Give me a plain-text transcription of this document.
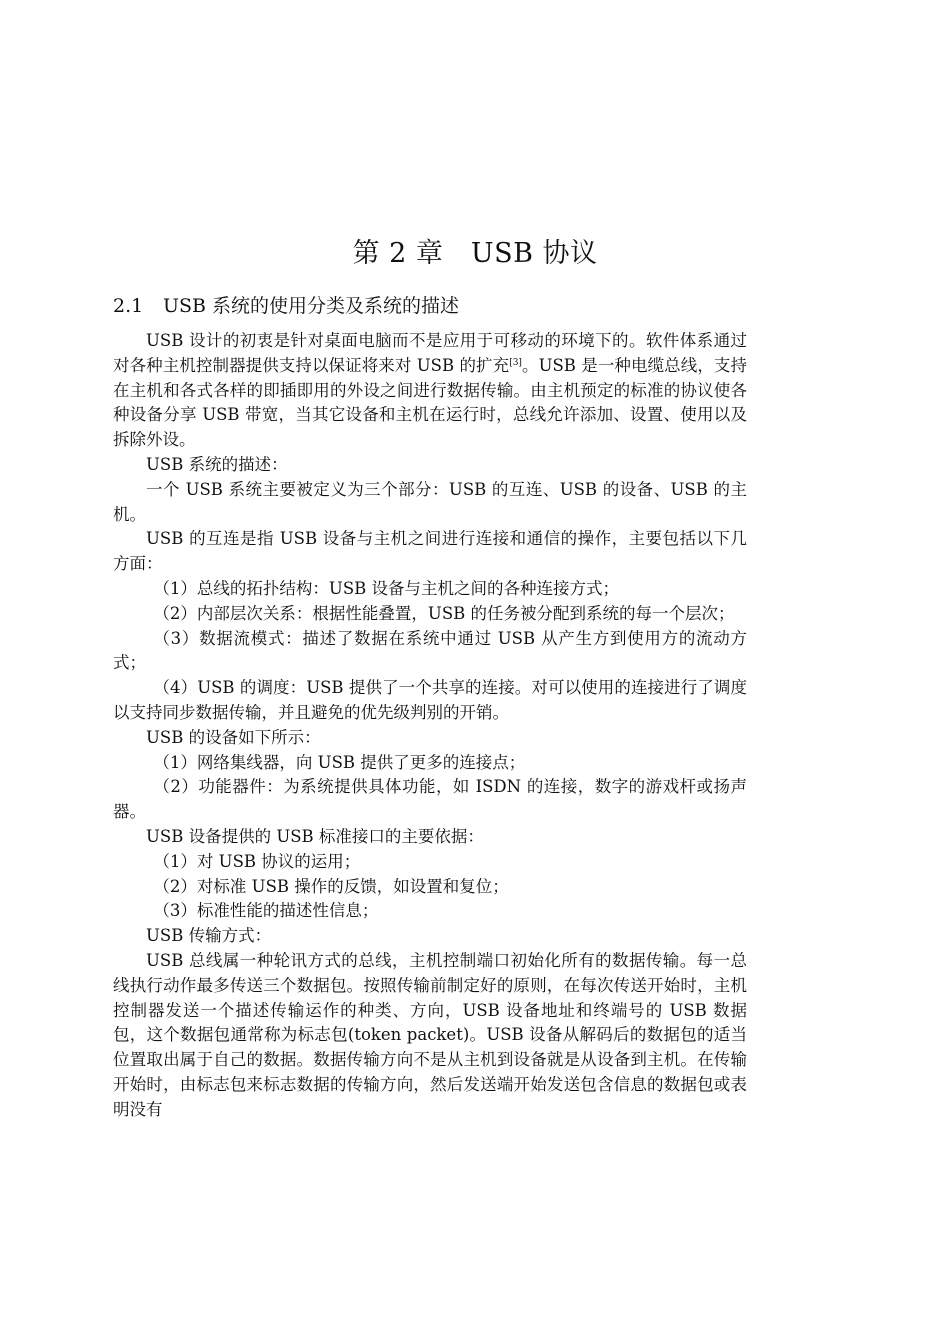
第 2 章　USB 协议
2.1 USB 系统的使用分类及系统的描述

USB 设计的初衷是针对桌面电脑而不是应用于可移动的环境下的。软件体系通过对各种主机控制器提供支持以保证将来对 USB 的扩充[3]。USB 是一种电缆总线，支持在主机和各式各样的即插即用的外设之间进行数据传输。由主机预定的标准的协议使各种设备分享 USB 带宽，当其它设备和主机在运行时，总线允许添加、设置、使用以及拆除外设。

USB 系统的描述：

一个 USB 系统主要被定义为三个部分：USB 的互连、USB 的设备、USB 的主机。

USB 的互连是指 USB 设备与主机之间进行连接和通信的操作，主要包括以下几方面：

（1）总线的拓扑结构：USB 设备与主机之间的各种连接方式；

（2）内部层次关系：根据性能叠置，USB 的任务被分配到系统的每一个层次；

（3）数据流模式：描述了数据在系统中通过 USB 从产生方到使用方的流动方式；

（4）USB 的调度：USB 提供了一个共享的连接。对可以使用的连接进行了调度以支持同步数据传输，并且避免的优先级判别的开销。

USB 的设备如下所示：

（1）网络集线器，向 USB 提供了更多的连接点；

（2）功能器件：为系统提供具体功能，如 ISDN 的连接，数字的游戏杆或扬声器。

USB 设备提供的 USB 标准接口的主要依据：

（1）对 USB 协议的运用；

（2）对标准 USB 操作的反馈，如设置和复位；

（3）标准性能的描述性信息；

USB 传输方式：

USB 总线属一种轮讯方式的总线，主机控制端口初始化所有的数据传输。每一总线执行动作最多传送三个数据包。按照传输前制定好的原则，在每次传送开始时，主机控制器发送一个描述传输运作的种类、方向，USB 设备地址和终端号的 USB 数据包，这个数据包通常称为标志包(token packet)。USB 设备从解码后的数据包的适当位置取出属于自己的数据。数据传输方向不是从主机到设备就是从设备到主机。在传输开始时，由标志包来标志数据的传输方向，然后发送端开始发送包含信息的数据包或表明没有
